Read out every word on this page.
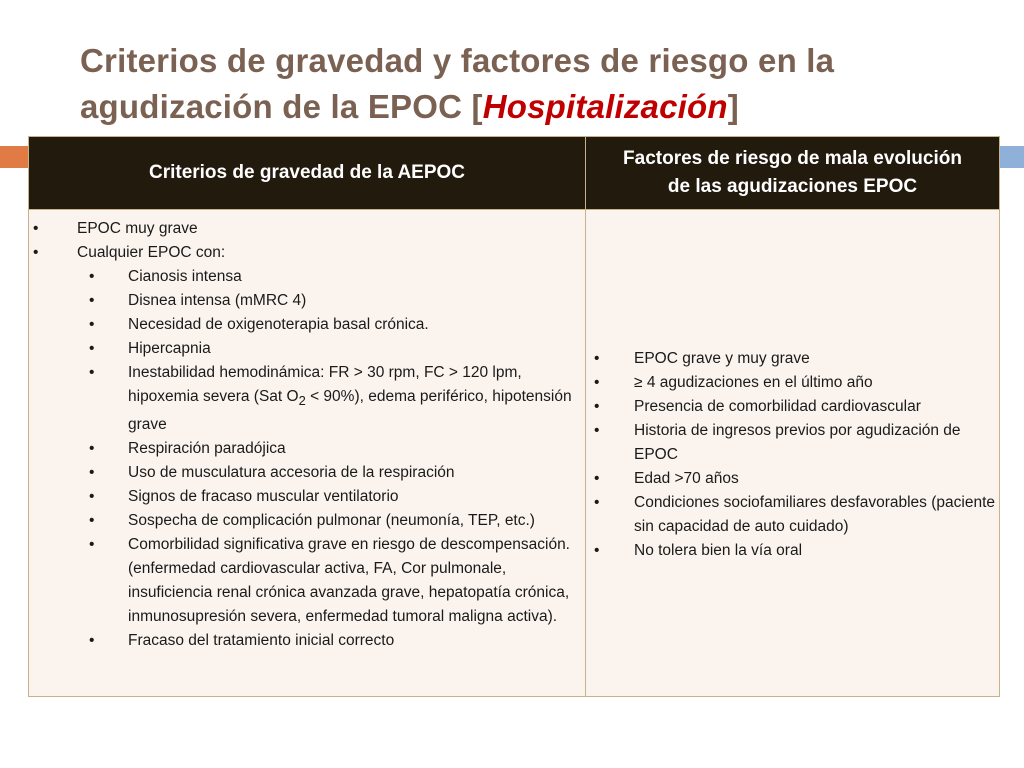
Criterios de gravedad y factores de riesgo en la
agudización de la EPOC [Hospitalización]
Criterios de gravedad de la AEPOC
Factores de riesgo de mala evolución
de las agudizaciones EPOC
• EPOC muy grave
• Cualquier EPOC con:
• Cianosis intensa
• Disnea intensa (mMRC 4)
• Necesidad de oxigenoterapia basal crónica.
• Hipercapnia
• Inestabilidad hemodinámica: FR > 30 rpm, FC > 120 lpm, hipoxemia severa (Sat $O_2 < 90\%$), edema periférico, hipotensión grave
• Respiración paradójica
• Uso de musculatura accesoria de la respiración
• Signos de fracaso muscular ventilatorio
• Sospecha de complicación pulmonar (neumonía, TEP, etc.)
• Comorbilidad significativa grave en riesgo de descompensación. (enfermedad cardiovascular activa, FA, Cor pulmonale, insuficiencia renal crónica avanzada grave, hepatopatía crónica, inmunosupresión severa, enfermedad tumoral maligna activa).
• Fracaso del tratamiento inicial correcto
• EPOC grave y muy grave
• ≥ 4 agudizaciones en el último año
• Presencia de comorbilidad cardiovascular
• Historia de ingresos previos por agudización de EPOC
• Edad >70 años
• Condiciones sociofamiliares desfavorables (paciente sin capacidad de auto cuidado)
• No tolera bien la vía oral
